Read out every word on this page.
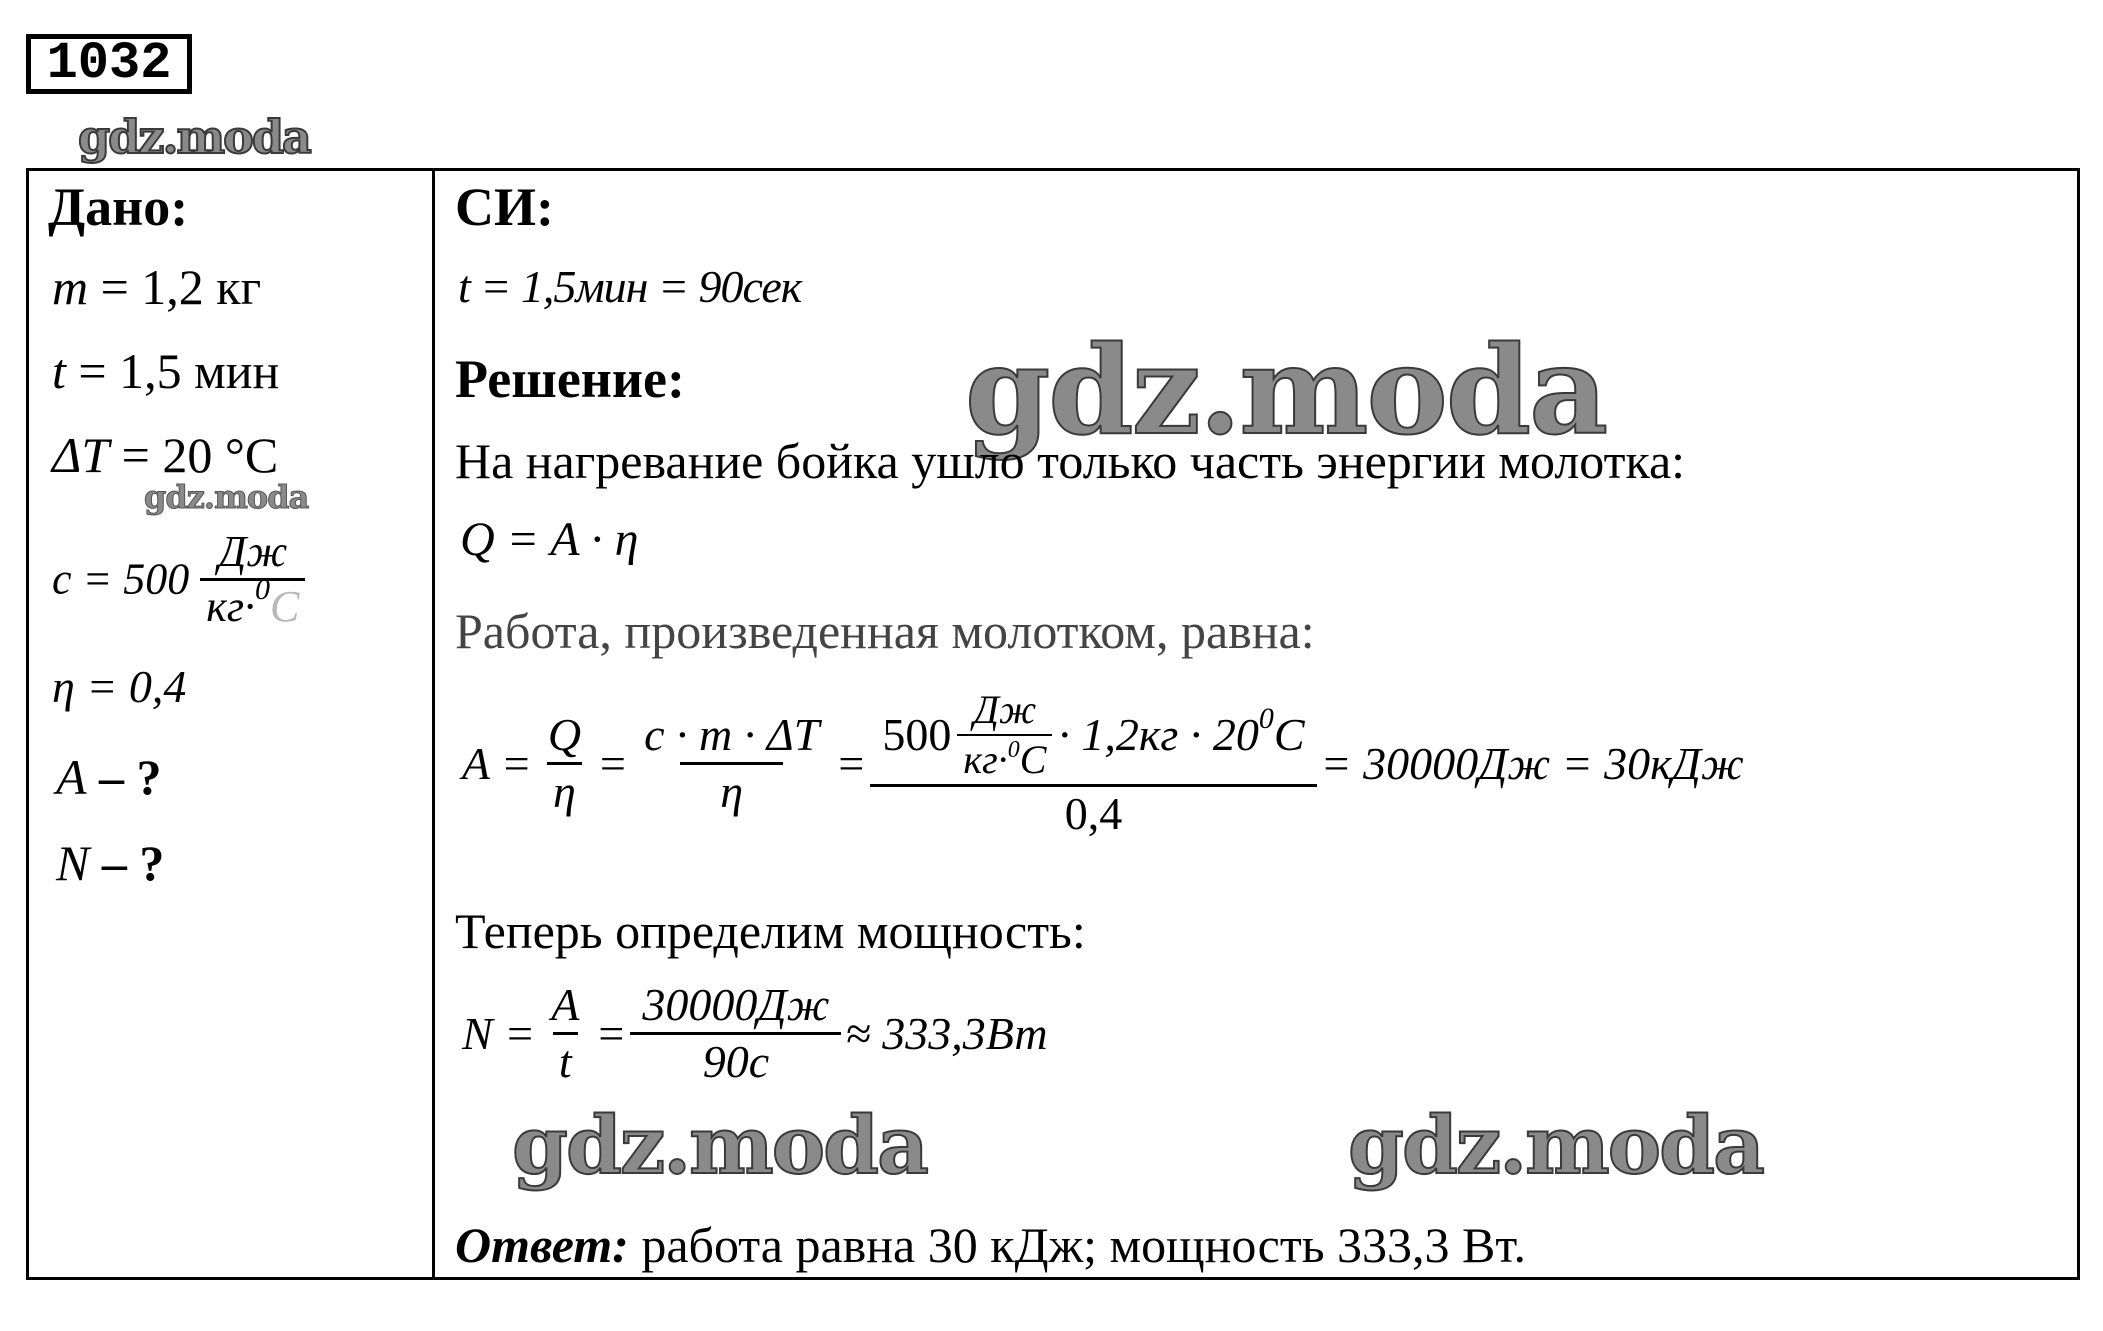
1032
gdz.moda
Дано:
m = 1,2 кг
t = 1,5 мин
ΔT = 20 °C
gdz.moda
$c = 500 \frac{Дж}{кг\cdot^0C}$
η = 0,4
A – ?
N – ?
СИ:
t = 1,5мин = 90сек
Решение: gdz.moda
На нагревание бойка ушло только часть энергии молотка:
Q = A · η
Работа, произведенная молотком, равна:
$A = \frac{Q}{\eta} = \frac{c \cdot m \cdot \Delta T}{\eta}$ =
$500 \frac{Дж}{кг\cdot^0C} \cdot 1,2кг \cdot 20^0C$
0,4
= 30000Дж = 30кДж
Теперь определим мощность:
$N = \frac{A}{t} = \frac{30000Дж}{90с} \approx 333,3Вт$
gdz.moda	gdz.moda
Ответ: работа равна 30 кДж; мощность 333,3 Вт.
